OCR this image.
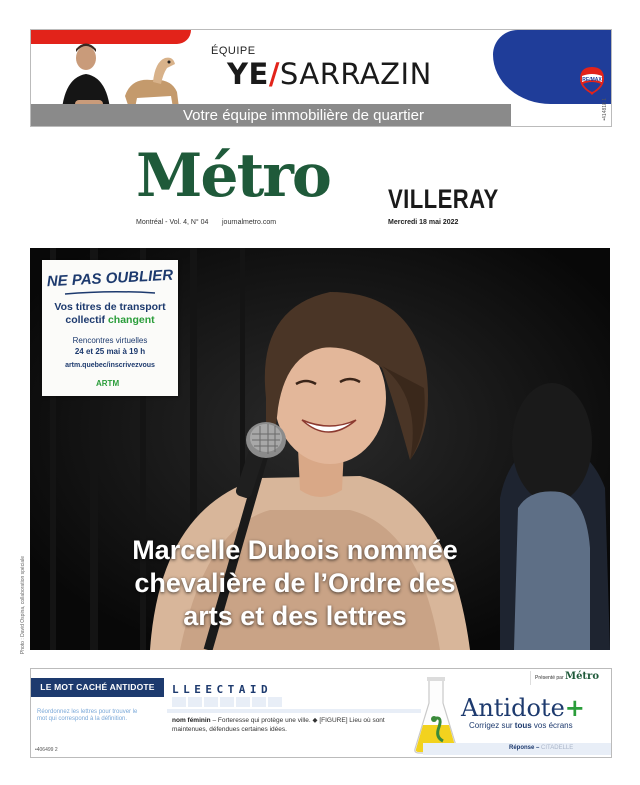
ÉQUIPE
YE/SARRAZIN	RE/MAX
Votre équipe immobilière de quartier	•414818 1
Métro VILLERAY
Montréal - Vol. 4, N° 04 journalmetro.com	Mercredi 18 mai 2022
Photo : David Ospina, collaboration spéciale
Marcelle Dubois nommée
chevalière de l’Ordre des
arts et des lettres
NE PAS OUBLIER
Vos titres de transport
collectif changent
Rencontres virtuelles
24 et 25 mai à 19 h
artm.quebec/inscrivezvous
ARTM
LE MOT CACHÉ ANTIDOTE	LLEECTAID
Réordonnez les lettres pour trouver le mot qui correspond à la définition.	nom féminin – Forteresse qui protège une ville. ◆ [FIGURE] Lieu où sont maintenues, défendues certaines idées.
Présenté par Métro
Antidote+
Corrigez sur tous vos écrans
Réponse – CITADELLE
•406499 2
